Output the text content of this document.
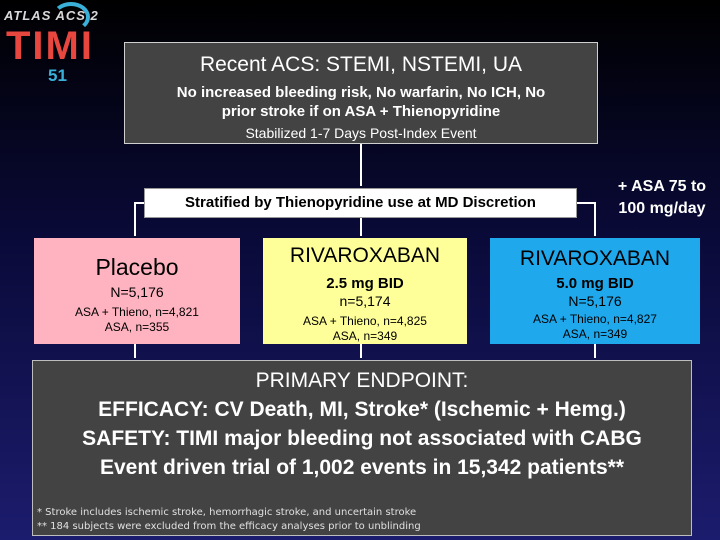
ATLAS ACS 2
TIMI
51	Recent ACS: STEMI, NSTEMI, UA
No increased bleeding risk, No warfarin, No ICH, No
prior stroke if on ASA + Thienopyridine
Stabilized 1-7 Days Post-Index Event
Stratified by Thienopyridine use at MD Discretion
+ ASA 75 to
100 mg/day
Placebo
N=5,176
ASA + Thieno, n=4,821
ASA, n=355
RIVAROXABAN
2.5 mg BID
n=5,174
ASA + Thieno, n=4,825
ASA, n=349
RIVAROXABAN
5.0 mg BID
N=5,176
ASA + Thieno, n=4,827
ASA, n=349
PRIMARY ENDPOINT:
EFFICACY: CV Death, MI, Stroke* (Ischemic + Hemg.)
SAFETY: TIMI major bleeding not associated with CABG
Event driven trial of 1,002 events in 15,342 patients**
* Stroke includes ischemic stroke, hemorrhagic stroke, and uncertain stroke
** 184 subjects were excluded from the efficacy analyses prior to unblinding
